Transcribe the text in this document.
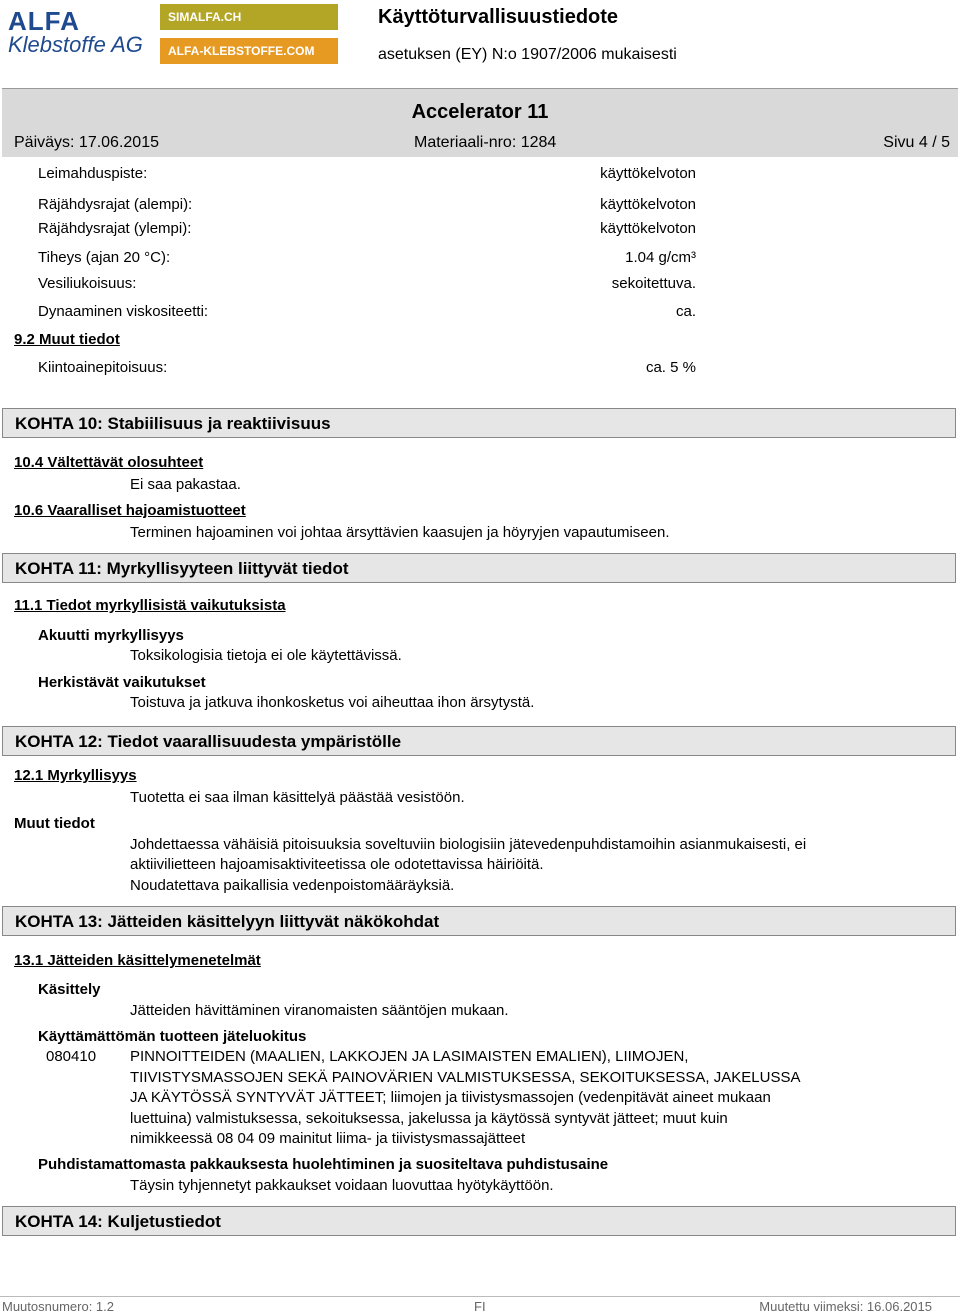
ALFA
Klebstoffe AG
SIMALFA.CH
ALFA-KLEBSTOFFE.COM
Käyttöturvallisuustiedote
asetuksen (EY) N:o 1907/2006 mukaisesti
Accelerator 11
Päiväys: 17.06.2015	Materiaali-nro: 1284	Sivu 4 / 5
Leimahduspiste:	käyttökelvoton
Räjähdysrajat (alempi):	käyttökelvoton
Räjähdysrajat (ylempi):	käyttökelvoton
Tiheys (ajan 20 °C):	1.04 g/cm³
Vesiliukoisuus:	sekoitettuva.
Dynaaminen viskositeetti:	ca.
9.2 Muut tiedot
Kiintoainepitoisuus:	ca. 5 %
KOHTA 10: Stabiilisuus ja reaktiivisuus
10.4 Vältettävät olosuhteet
Ei saa pakastaa.
10.6 Vaaralliset hajoamistuotteet
Terminen hajoaminen voi johtaa ärsyttävien kaasujen ja höyryjen vapautumiseen.
KOHTA 11: Myrkyllisyyteen liittyvät tiedot
11.1 Tiedot myrkyllisistä vaikutuksista
Akuutti myrkyllisyys
Toksikologisia tietoja ei ole käytettävissä.
Herkistävät vaikutukset
Toistuva ja jatkuva ihonkosketus voi aiheuttaa ihon ärsytystä.
KOHTA 12: Tiedot vaarallisuudesta ympäristölle
12.1 Myrkyllisyys
Tuotetta ei saa ilman käsittelyä päästää vesistöön.
Muut tiedot
Johdettaessa vähäisiä pitoisuuksia soveltuviin biologisiin jätevedenpuhdistamoihin asianmukaisesti, ei
aktiivilietteen hajoamisaktiviteetissa ole odotettavissa häiriöitä.
Noudatettava paikallisia vedenpoistomääräyksiä.
KOHTA 13: Jätteiden käsittelyyn liittyvät näkökohdat
13.1 Jätteiden käsittelymenetelmät
Käsittely
Jätteiden hävittäminen viranomaisten sääntöjen mukaan.
Käyttämättömän tuotteen jäteluokitus
080410 PINNOITTEIDEN (MAALIEN, LAKKOJEN JA LASIMAISTEN EMALIEN), LIIMOJEN,
TIIVISTYSMASSOJEN SEKÄ PAINOVÄRIEN VALMISTUKSESSA, SEKOITUKSESSA, JAKELUSSA
JA KÄYTÖSSÄ SYNTYVÄT JÄTTEET; liimojen ja tiivistysmassojen (vedenpitävät aineet mukaan
luettuina) valmistuksessa, sekoituksessa, jakelussa ja käytössä syntyvät jätteet; muut kuin
nimikkeessä 08 04 09 mainitut liima- ja tiivistysmassajätteet
Puhdistamattomasta pakkauksesta huolehtiminen ja suositeltava puhdistusaine
Täysin tyhjennetyt pakkaukset voidaan luovuttaa hyötykäyttöön.
KOHTA 14: Kuljetustiedot
Muutosnumero: 1.2	FI	Muutettu viimeksi: 16.06.2015
